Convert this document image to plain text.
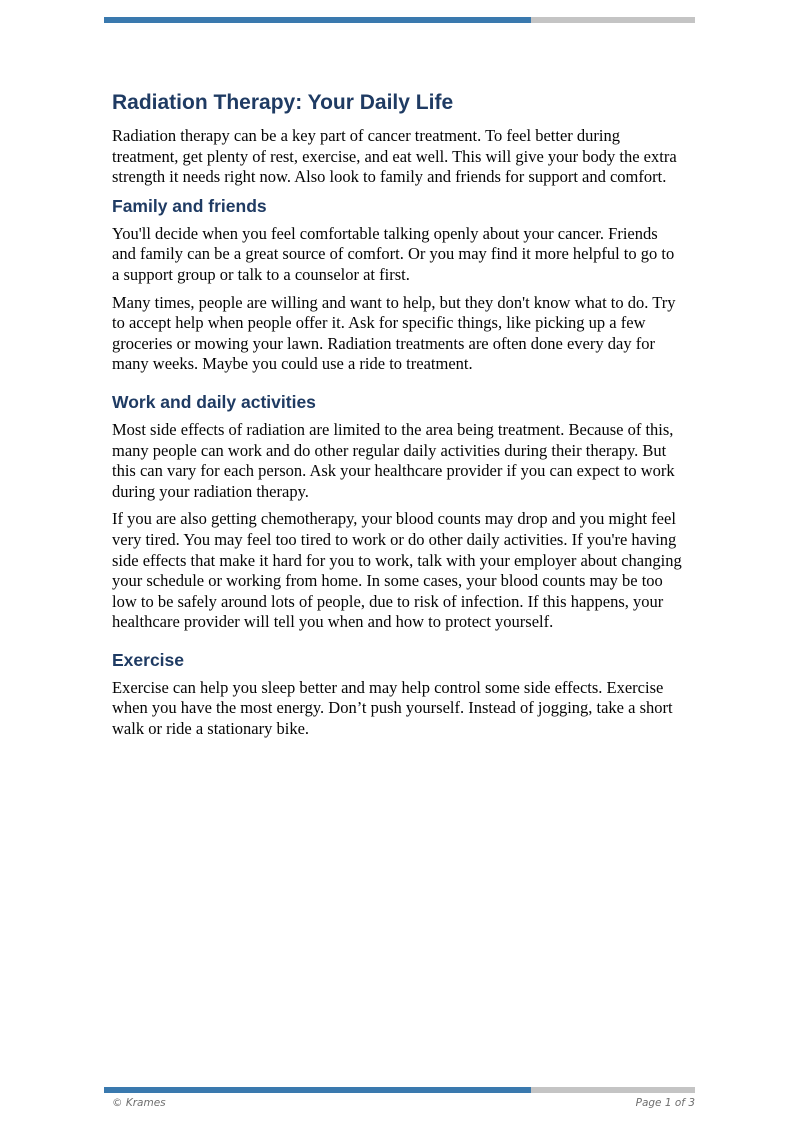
Radiation Therapy: Your Daily Life

Radiation therapy can be a key part of cancer treatment. To feel better during treatment, get plenty of rest, exercise, and eat well. This will give your body the extra strength it needs right now. Also look to family and friends for support and comfort.

Family and friends

You'll decide when you feel comfortable talking openly about your cancer. Friends and family can be a great source of comfort. Or you may find it more helpful to go to a support group or talk to a counselor at first.

Many times, people are willing and want to help, but they don't know what to do. Try to accept help when people offer it. Ask for specific things, like picking up a few groceries or mowing your lawn. Radiation treatments are often done every day for many weeks. Maybe you could use a ride to treatment.

Work and daily activities

Most side effects of radiation are limited to the area being treatment. Because of this, many people can work and do other regular daily activities during their therapy. But this can vary for each person. Ask your healthcare provider if you can expect to work during your radiation therapy.

If you are also getting chemotherapy, your blood counts may drop and you might feel very tired. You may feel too tired to work or do other daily activities. If you're having side effects that make it hard for you to work, talk with your employer about changing your schedule or working from home. In some cases, your blood counts may be too low to be safely around lots of people, due to risk of infection. If this happens, your healthcare provider will tell you when and how to protect yourself.

Exercise

Exercise can help you sleep better and may help control some side effects. Exercise when you have the most energy. Don’t push yourself. Instead of jogging, take a short walk or ride a stationary bike.

© Krames	Page 1 of 3
